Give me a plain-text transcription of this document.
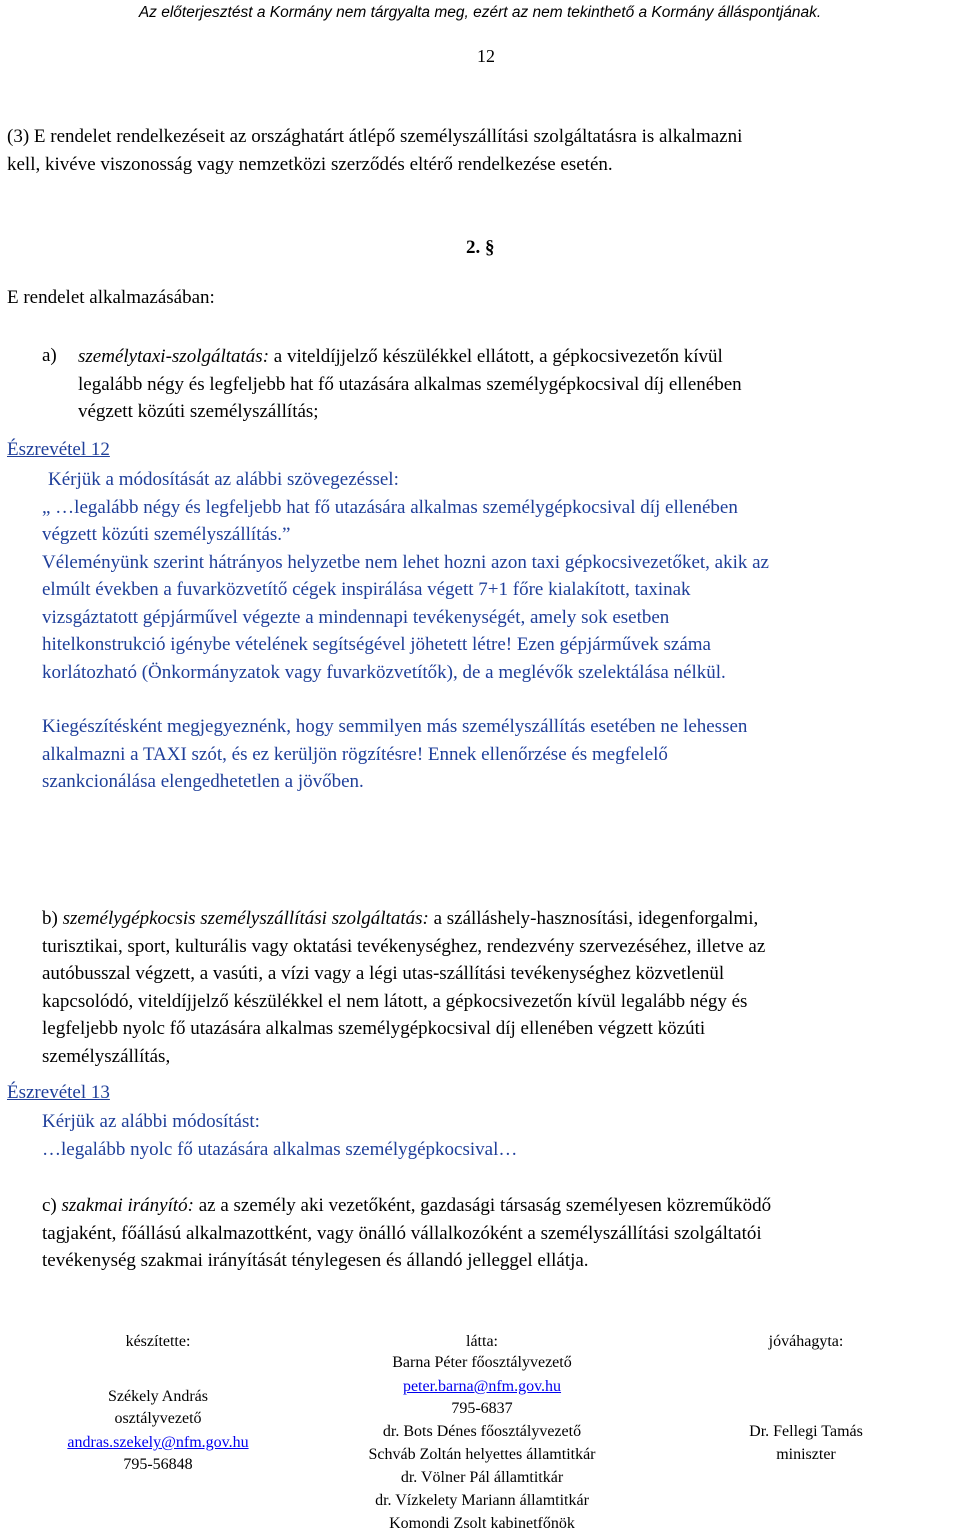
Az előterjesztést a Kormány nem tárgyalta meg, ezért az nem tekinthető a Kormány álláspontjának.
12
(3) E rendelet rendelkezéseit az országhatárt átlépő személyszállítási szolgáltatásra is alkalmazni
kell, kivéve viszonosság vagy nemzetközi szerződés eltérő rendelkezése esetén.
2. §
E rendelet alkalmazásában:
a) személytaxi-szolgáltatás: a viteldíjjelző készülékkel ellátott, a gépkocsivezetőn kívül
legalább négy és legfeljebb hat fő utazására alkalmas személygépkocsival díj ellenében
végzett közúti személyszállítás;
Észrevétel 12
Kérjük a módosítását az alábbi szövegezéssel:
„ …legalább négy és legfeljebb hat fő utazására alkalmas személygépkocsival díj ellenében
végzett közúti személyszállítás.”
Véleményünk szerint hátrányos helyzetbe nem lehet hozni azon taxi gépkocsivezetőket, akik az
elmúlt években a fuvarközvetítő cégek inspirálása végett 7+1 főre kialakított, taxinak
vizsgáztatott gépjárművel végezte a mindennapi tevékenységét, amely sok esetben
hitelkonstrukció igénybe vételének segítségével jöhetett létre! Ezen gépjárművek száma
korlátozható (Önkormányzatok vagy fuvarközvetítők), de a meglévők szelektálása nélkül.
Kiegészítésként megjegyeznénk, hogy semmilyen más személyszállítás esetében ne lehessen
alkalmazni a TAXI szót, és ez kerüljön rögzítésre! Ennek ellenőrzése és megfelelő
szankcionálása elengedhetetlen a jövőben.
b) személygépkocsis személyszállítási szolgáltatás: a szálláshely-hasznosítási, idegenforgalmi,
turisztikai, sport, kulturális vagy oktatási tevékenységhez, rendezvény szervezéséhez, illetve az
autóbusszal végzett, a vasúti, a vízi vagy a légi utas-szállítási tevékenységhez közvetlenül
kapcsolódó, viteldíjjelző készülékkel el nem látott, a gépkocsivezetőn kívül legalább négy és
legfeljebb nyolc fő utazására alkalmas személygépkocsival díj ellenében végzett közúti
személyszállítás,
Észrevétel 13
Kérjük az alábbi módosítást:
…legalább nyolc fő utazására alkalmas személygépkocsival…
c) szakmai irányító: az a személy aki vezetőként, gazdasági társaság személyesen közreműködő
tagjaként, főállású alkalmazottként, vagy önálló vállalkozóként a személyszállítási szolgáltatói
tevékenység szakmai irányítását ténylegesen és állandó jelleggel ellátja.
készítette:
Székely András
osztályvezető
andras.szekely@nfm.gov.hu
795-56848
látta:
Barna Péter főosztályvezető
peter.barna@nfm.gov.hu
795-6837
dr. Bots Dénes főosztályvezető
Schváb Zoltán helyettes államtitkár
dr. Völner Pál államtitkár
dr. Vízkelety Mariann államtitkár
Komondi Zsolt kabinetfőnök
jóváhagyta:
Dr. Fellegi Tamás
miniszter
